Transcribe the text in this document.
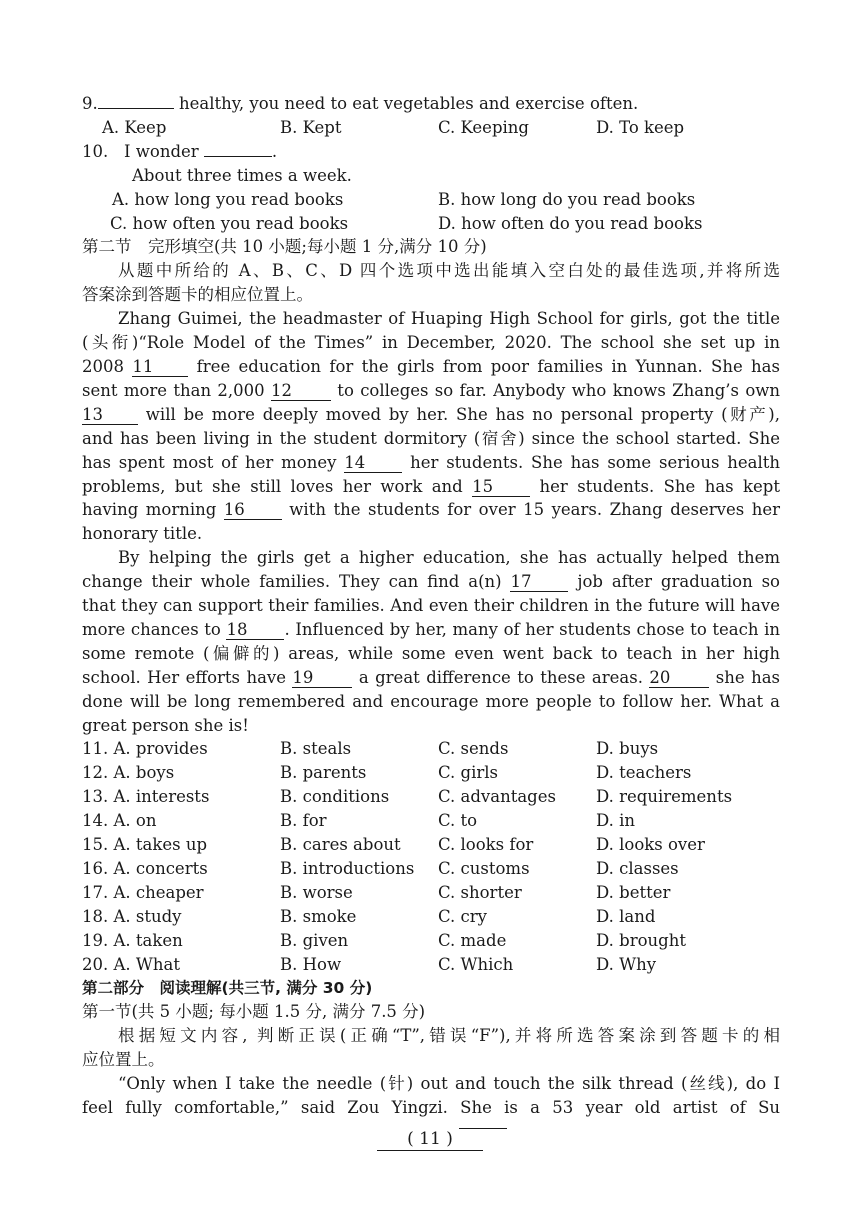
9.	healthy, you need to eat vegetables and exercise often.
A. Keep	B. Kept	C. Keeping	D. To keep
10. I wonder	.
About three times a week.
A. how long you read books	B. how long do you read books
C. how often you read books	D. how often do you read books
第二节　完形填空(共 10 小题;每小题 1 分,满分 10 分)
从题中所给的 A、B、C、D 四个选项中选出能填入空白处的最佳选项,并将所选
答案涂到答题卡的相应位置上。
Zhang Guimei, the headmaster of Huaping High School for girls, got the title
(头衔)“Role Model of the Times” in December, 2020. The school she set up in
2008 11 free education for the girls from poor families in Yunnan. She has
sent more than 2,000 12 to colleges so far. Anybody who knows Zhang’s own
13 will be more deeply moved by her. She has no personal property (财产),
and has been living in the student dormitory (宿舍) since the school started. She
has spent most of her money 14 her students. She has some serious health
problems, but she still loves her work and 15 her students. She has kept
having morning 16 with the students for over 15 years. Zhang deserves her
honorary title.
By helping the girls get a higher education, she has actually helped them
change their whole families. They can find a(n) 17 job after graduation so
that they can support their families. And even their children in the future will have
more chances to 18 . Influenced by her, many of her students chose to teach in
some remote (偏僻的) areas, while some even went back to teach in her high
school. Her efforts have 19 a great difference to these areas. 20 she has
done will be long remembered and encourage more people to follow her. What a
great person she is!
11. A. provides	B. steals	C. sends	D. buys
12. A. boys	B. parents	C. girls	D. teachers
13. A. interests	B. conditions	C. advantages	D. requirements
14. A. on	B. for	C. to	D. in
15. A. takes up	B. cares about	C. looks for	D. looks over
16. A. concerts	B. introductions	C. customs	D. classes
17. A. cheaper	B. worse	C. shorter	D. better
18. A. study	B. smoke	C. cry	D. land
19. A. taken	B. given	C. made	D. brought
20. A. What	B. How	C. Which	D. Why
第二部分　阅读理解(共三节, 满分 30 分)
第一节(共 5 小题; 每小题 1.5 分, 满分 7.5 分)
根据短文内容, 判断正误(正确“T”,错误“F”),并将所选答案涂到答题卡的相
应位置上。
“Only when I take the needle (针) out and touch the silk thread (丝线), do I
feel fully comfortable,” said Zou Yingzi. She is a 53 year old artist of Su
( 11 )
